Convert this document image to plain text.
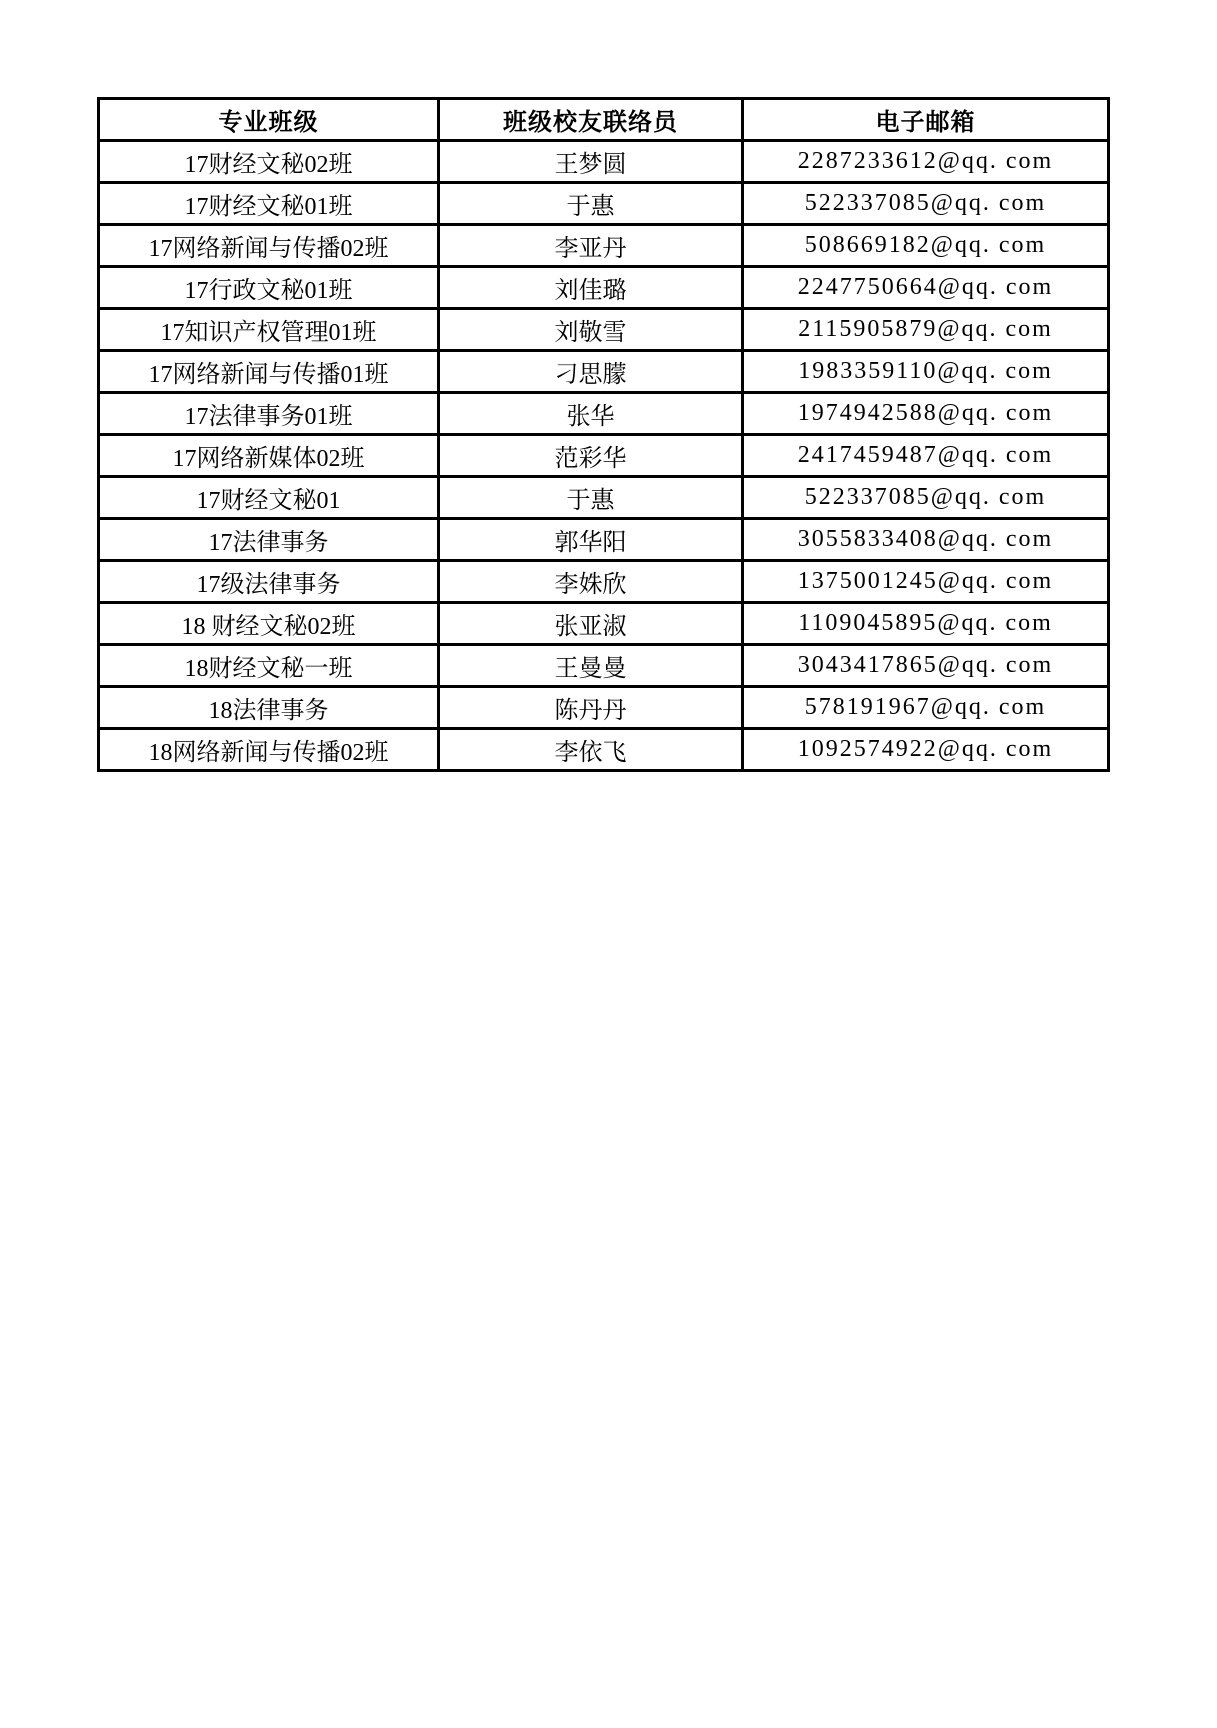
专业班级	班级校友联络员	电子邮箱
17财经文秘02班	王梦圆	2287233612@qq. com
17财经文秘01班	于惠	522337085@qq. com
17网络新闻与传播02班	李亚丹	508669182@qq. com
17行政文秘01班	刘佳璐	2247750664@qq. com
17知识产权管理01班	刘敬雪	2115905879@qq. com
17网络新闻与传播01班	刁思朦	1983359110@qq. com
17法律事务01班	张华	1974942588@qq. com
17网络新媒体02班	范彩华	2417459487@qq. com
17财经文秘01	于惠	522337085@qq. com
17法律事务	郭华阳	3055833408@qq. com
17级法律事务	李姝欣	1375001245@qq. com
18 财经文秘02班	张亚淑	1109045895@qq. com
18财经文秘一班	王曼曼	3043417865@qq. com
18法律事务	陈丹丹	578191967@qq. com
18网络新闻与传播02班	李依飞	1092574922@qq. com
